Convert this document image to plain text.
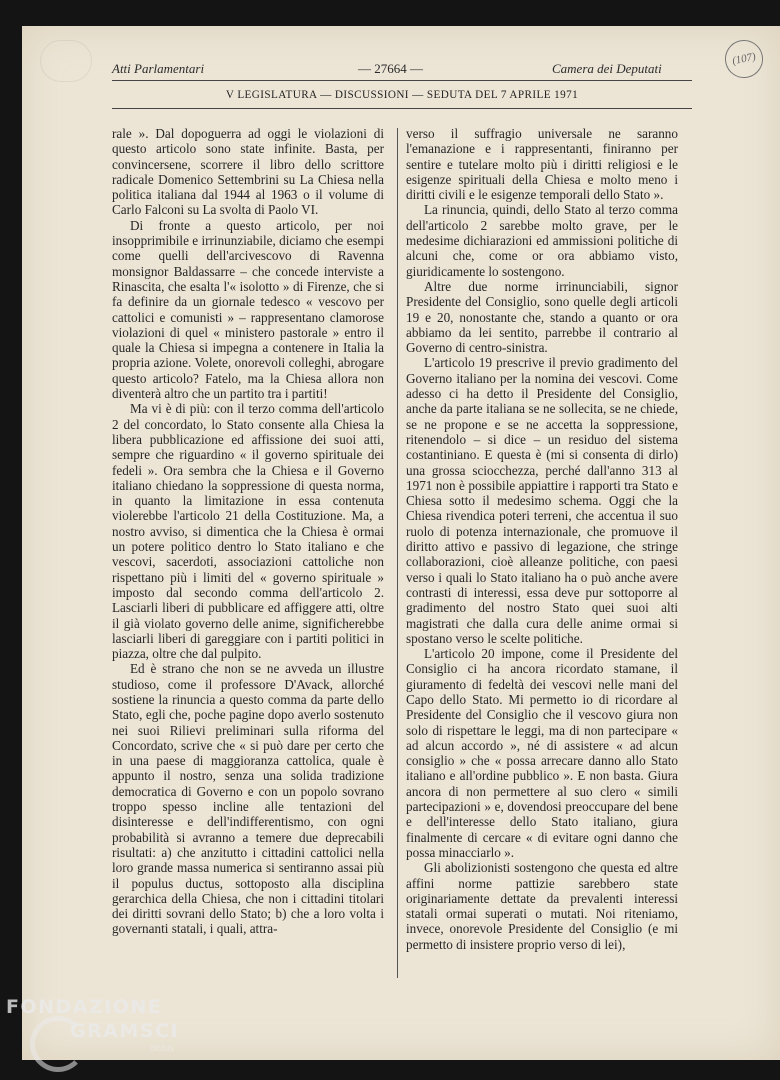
(107)
Atti Parlamentari	— 27664 —	Camera dei Deputati
V LEGISLATURA — DISCUSSIONI — SEDUTA DEL 7 APRILE 1971

rale ». Dal dopoguerra ad oggi le violazioni di questo articolo sono state infinite. Basta, per convincersene, scorrere il libro dello scrittore radicale Domenico Settembrini su La Chiesa nella politica italiana dal 1944 al 1963 o il volume di Carlo Falconi su La svolta di Paolo VI.

Di fronte a questo articolo, per noi insopprimibile e irrinunziabile, diciamo che esempi come quelli dell'arcivescovo di Ravenna monsignor Baldassarre – che concede interviste a Rinascita, che esalta l'« isolotto » di Firenze, che si fa definire da un giornale tedesco « vescovo per cattolici e comunisti » – rappresentano clamorose violazioni di quel « ministero pastorale » entro il quale la Chiesa si impegna a contenere in Italia la propria azione. Volete, onorevoli colleghi, abrogare questo articolo? Fatelo, ma la Chiesa allora non diventerà altro che un partito tra i partiti!

Ma vi è di più: con il terzo comma dell'articolo 2 del concordato, lo Stato consente alla Chiesa la libera pubblicazione ed affissione dei suoi atti, sempre che riguardino « il governo spirituale dei fedeli ». Ora sembra che la Chiesa e il Governo italiano chiedano la soppressione di questa norma, in quanto la limitazione in essa contenuta violerebbe l'articolo 21 della Costituzione. Ma, a nostro avviso, si dimentica che la Chiesa è ormai un potere politico dentro lo Stato italiano e che vescovi, sacerdoti, associazioni cattoliche non rispettano più i limiti del « governo spirituale » imposto dal secondo comma dell'articolo 2. Lasciarli liberi di pubblicare ed affiggere atti, oltre il già violato governo delle anime, significherebbe lasciarli liberi di gareggiare con i partiti politici in piazza, oltre che dal pulpito.

Ed è strano che non se ne avveda un illustre studioso, come il professore D'Avack, allorché sostiene la rinuncia a questo comma da parte dello Stato, egli che, poche pagine dopo averlo sostenuto nei suoi Rilievi preliminari sulla riforma del Concordato, scrive che « si può dare per certo che in una paese di maggioranza cattolica, quale è appunto il nostro, senza una solida tradizione democratica di Governo e con un popolo sovrano troppo spesso incline alle tentazioni del disinteresse e dell'indifferentismo, con ogni probabilità si avranno a temere due deprecabili risultati: a) che anzitutto i cittadini cattolici nella loro grande massa numerica si sentiranno assai più il populus ductus, sottoposto alla disciplina gerarchica della Chiesa, che non i cittadini titolari dei diritti sovrani dello Stato; b) che a loro volta i governanti statali, i quali, attra-

verso il suffragio universale ne saranno l'emanazione e i rappresentanti, finiranno per sentire e tutelare molto più i diritti religiosi e le esigenze spirituali della Chiesa e molto meno i diritti civili e le esigenze temporali dello Stato ».

La rinuncia, quindi, dello Stato al terzo comma dell'articolo 2 sarebbe molto grave, per le medesime dichiarazioni ed ammissioni politiche di alcuni che, come or ora abbiamo visto, giuridicamente lo sostengono.

Altre due norme irrinunciabili, signor Presidente del Consiglio, sono quelle degli articoli 19 e 20, nonostante che, stando a quanto or ora abbiamo da lei sentito, parrebbe il contrario al Governo di centro-sinistra.

L'articolo 19 prescrive il previo gradimento del Governo italiano per la nomina dei vescovi. Come adesso ci ha detto il Presidente del Consiglio, anche da parte italiana se ne sollecita, se ne chiede, se ne propone e se ne accetta la soppressione, ritenendolo – si dice – un residuo del sistema costantiniano. E questa è (mi si consenta di dirlo) una grossa sciocchezza, perché dall'anno 313 al 1971 non è possibile appiattire i rapporti tra Stato e Chiesa sotto il medesimo schema. Oggi che la Chiesa rivendica poteri terreni, che accentua il suo ruolo di potenza internazionale, che promuove il diritto attivo e passivo di legazione, che stringe collaborazioni, cioè alleanze politiche, con paesi verso i quali lo Stato italiano ha o può anche avere contrasti di interessi, essa deve pur sottoporre al gradimento del nostro Stato quei suoi alti magistrati che dalla cura delle anime ormai si spostano verso le scelte politiche.

L'articolo 20 impone, come il Presidente del Consiglio ci ha ancora ricordato stamane, il giuramento di fedeltà dei vescovi nelle mani del Capo dello Stato. Mi permetto io di ricordare al Presidente del Consiglio che il vescovo giura non solo di rispettare le leggi, ma di non partecipare « ad alcun accordo », né di assistere « ad alcun consiglio » che « possa arrecare danno allo Stato italiano e all'ordine pubblico ». E non basta. Giura ancora di non permettere al suo clero « simili partecipazioni » e, dovendosi preoccupare del bene e dell'interesse dello Stato italiano, giura finalmente di cercare « di evitare ogni danno che possa minacciarlo ».

Gli abolizionisti sostengono che questa ed altre affini norme pattizie sarebbero state originariamente dettate da prevalenti interessi statali ormai superati o mutati. Noi riteniamo, invece, onorevole Presidente del Consiglio (e mi permetto di insistere proprio verso di lei),

FONDAZIONE
GRAMSCI
onlus
